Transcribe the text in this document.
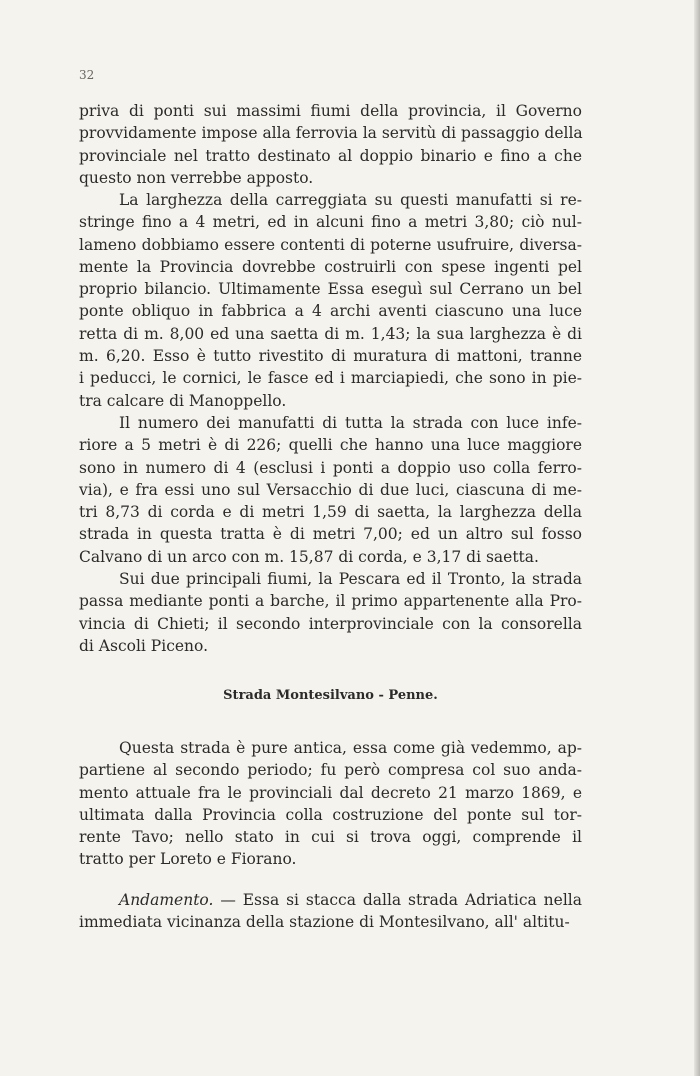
32
priva di ponti sui massimi fiumi della provincia, il Governo
provvidamente impose alla ferrovia la servitù di passaggio della
provinciale nel tratto destinato al doppio binario e fino a che
questo non verrebbe apposto.
La larghezza della carreggiata su questi manufatti si re-
stringe fino a 4 metri, ed in alcuni fino a metri 3,80; ciò nul-
lameno dobbiamo essere contenti di poterne usufruire, diversa-
mente la Provincia dovrebbe costruirli con spese ingenti pel
proprio bilancio. Ultimamente Essa eseguì sul Cerrano un bel
ponte obliquo in fabbrica a 4 archi aventi ciascuno una luce
retta di m. 8,00 ed una saetta di m. 1,43; la sua larghezza è di
m. 6,20. Esso è tutto rivestito di muratura di mattoni, tranne
i peducci, le cornici, le fasce ed i marciapiedi, che sono in pie-
tra calcare di Manoppello.
Il numero dei manufatti di tutta la strada con luce infe-
riore a 5 metri è di 226; quelli che hanno una luce maggiore
sono in numero di 4 (esclusi i ponti a doppio uso colla ferro-
via), e fra essi uno sul Versacchio di due luci, ciascuna di me-
tri 8,73 di corda e di metri 1,59 di saetta, la larghezza della
strada in questa tratta è di metri 7,00; ed un altro sul fosso
Calvano di un arco con m. 15,87 di corda, e 3,17 di saetta.
Sui due principali fiumi, la Pescara ed il Tronto, la strada
passa mediante ponti a barche, il primo appartenente alla Pro-
vincia di Chieti; il secondo interprovinciale con la consorella
di Ascoli Piceno.
Strada Montesilvano - Penne.
Questa strada è pure antica, essa come già vedemmo, ap-
partiene al secondo periodo; fu però compresa col suo anda-
mento attuale fra le provinciali dal decreto 21 marzo 1869, e
ultimata dalla Provincia colla costruzione del ponte sul tor-
rente Tavo; nello stato in cui si trova oggi, comprende il
tratto per Loreto e Fiorano.
Andamento. — Essa si stacca dalla strada Adriatica nella
immediata vicinanza della stazione di Montesilvano, all' altitu-
